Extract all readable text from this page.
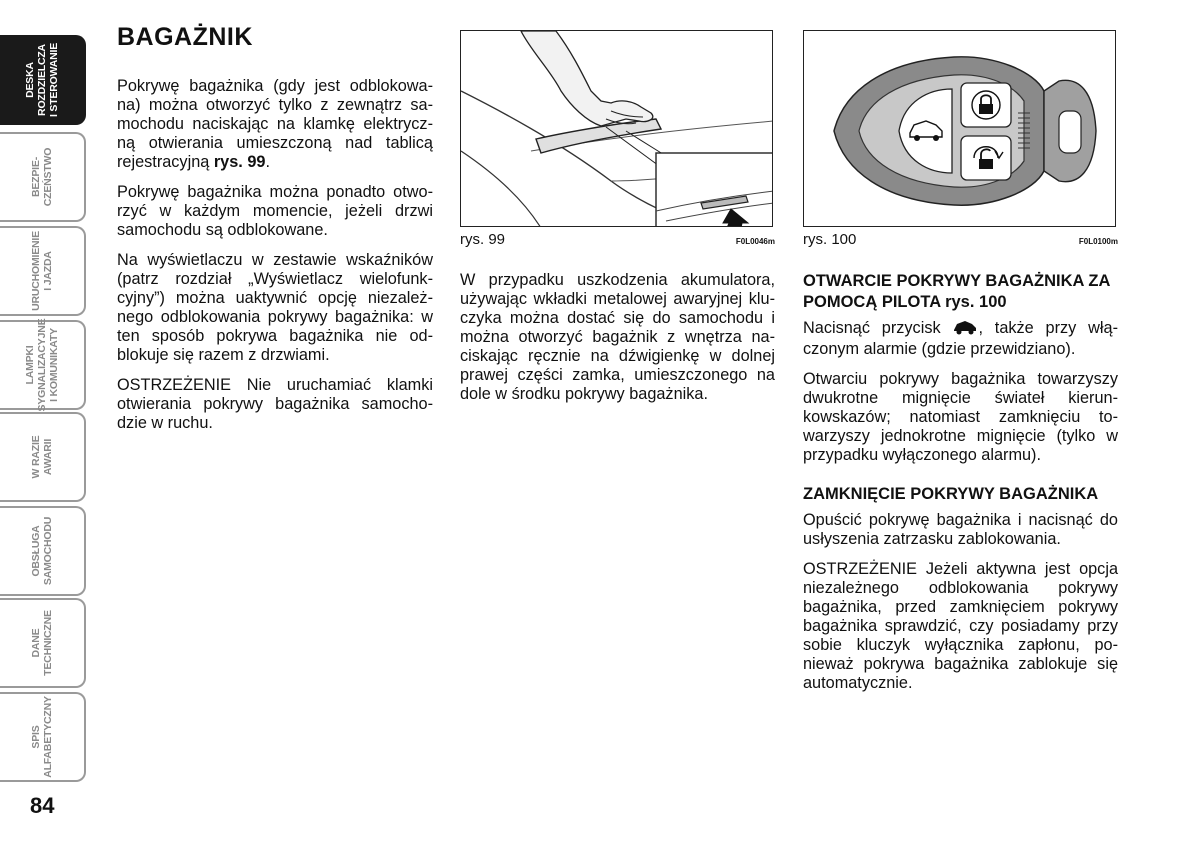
DESKA
ROZDZIELCZA
I STEROWANIE
BEZPIE-
CZEŃSTWO
URUCHOMIENIE
I JAZDA
LAMPKI
SYGNALIZACYJNE
I KOMUNIKATY
W RAZIE
AWARII
OBSŁUGA
SAMOCHODU
DANE
TECHNICZNE
SPIS
ALFABETYCZNY
84
BAGAŻNIK

Pokrywę bagażnika (gdy jest odblokowa-na) można otworzyć tylko z zewnątrz sa-mochodu naciskając na klamkę elektrycz-ną otwierania umieszczoną nad tablicą rejestracyjną rys. 99.

Pokrywę bagażnika można ponadto otwo-rzyć w każdym momencie, jeżeli drzwi samochodu są odblokowane.

Na wyświetlaczu w zestawie wskaźników (patrz rozdział „Wyświetlacz wielofunk-cyjny”) można uaktywnić opcję niezależ-nego odblokowania pokrywy bagażnika: w ten sposób pokrywa bagażnika nie od-blokuje się razem z drzwiami.

OSTRZEŻENIE Nie uruchamiać klamki otwierania pokrywy bagażnika samocho-dzie w ruchu.

rys. 99	F0L0046m

W przypadku uszkodzenia akumulatora, używając wkładki metalowej awaryjnej klu-czyka można dostać się do samochodu i można otworzyć bagażnik z wnętrza na-ciskając ręcznie na dźwigienkę w dolnej prawej części zamka, umieszczonego na dole w środku pokrywy bagażnika.

rys. 100	F0L0100m
OTWARCIE POKRYWY BAGAŻNIKA ZA POMOCĄ PILOTA rys. 100

Nacisnąć przycisk , także przy włą-czonym alarmie (gdzie przewidziano).

Otwarciu pokrywy bagażnika towarzyszy dwukrotne mignięcie świateł kierun-kowskazów; natomiast zamknięciu to-warzyszy jednokrotne mignięcie (tylko w przypadku wyłączonego alarmu).

ZAMKNIĘCIE POKRYWY BAGAŻNIKA

Opuścić pokrywę bagażnika i nacisnąć do usłyszenia zatrzasku zablokowania.

OSTRZEŻENIE Jeżeli aktywna jest opcja niezależnego odblokowania pokrywy bagażnika, przed zamknięciem pokrywy bagażnika sprawdzić, czy posiadamy przy sobie kluczyk wyłącznika zapłonu, po-nieważ pokrywa bagażnika zablokuje się automatycznie.
